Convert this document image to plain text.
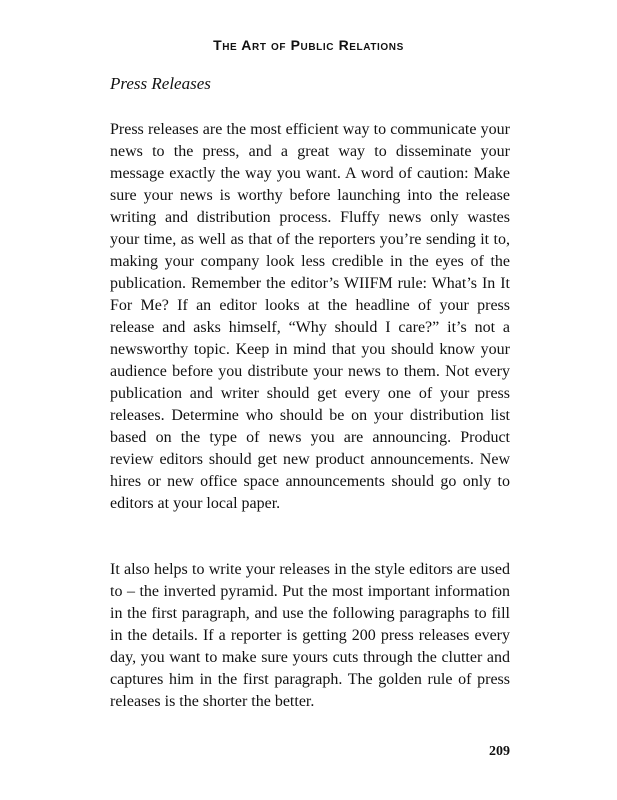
The Art of Public Relations
Press Releases

Press releases are the most efficient way to communicate your news to the press, and a great way to disseminate your message exactly the way you want. A word of caution: Make sure your news is worthy before launching into the release writing and distribution process. Fluffy news only wastes your time, as well as that of the reporters you’re sending it to, making your company look less credible in the eyes of the publication. Remember the editor’s WIIFM rule: What’s In It For Me? If an editor looks at the headline of your press release and asks himself, “Why should I care?” it’s not a newsworthy topic. Keep in mind that you should know your audience before you distribute your news to them. Not every publication and writer should get every one of your press releases. Determine who should be on your distribution list based on the type of news you are announcing. Product review editors should get new product announcements. New hires or new office space announcements should go only to editors at your local paper.

It also helps to write your releases in the style editors are used to – the inverted pyramid. Put the most important information in the first paragraph, and use the following paragraphs to fill in the details. If a reporter is getting 200 press releases every day, you want to make sure yours cuts through the clutter and captures him in the first paragraph. The golden rule of press releases is the shorter the better.

209
